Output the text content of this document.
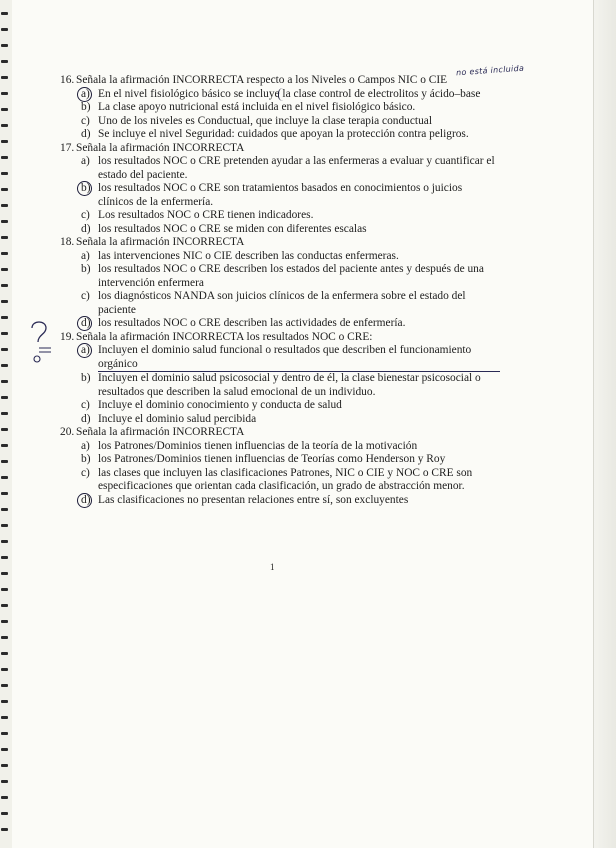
no está incluida
16. Señala la afirmación INCORRECTA respecto a los Niveles o Campos NIC o CIE
a) En el nivel fisiológico básico se incluye la clase control de electrolitos y ácido–base
b) La clase apoyo nutricional está incluida en el nivel fisiológico básico.
c) Uno de los niveles es Conductual, que incluye la clase terapia conductual
d) Se incluye el nivel Seguridad: cuidados que apoyan la protección contra peligros.
17. Señala la afirmación INCORRECTA
a) los resultados NOC o CRE pretenden ayudar a las enfermeras a evaluar y cuantificar el estado del paciente.
b) los resultados NOC o CRE son tratamientos basados en conocimientos o juicios clínicos de la enfermería.
c) Los resultados NOC o CRE tienen indicadores.
d) los resultados NOC o CRE se miden con diferentes escalas
18. Señala la afirmación INCORRECTA
a) las intervenciones NIC o CIE describen las conductas enfermeras.
b) los resultados NOC o CRE describen los estados del paciente antes y después de una intervención enfermera
c) los diagnósticos NANDA son juicios clínicos de la enfermera sobre el estado del paciente
d) los resultados NOC o CRE describen las actividades de enfermería.
19. Señala la afirmación INCORRECTA los resultados NOC o CRE:
a) Incluyen el dominio salud funcional o resultados que describen el funcionamiento orgánico
b) Incluyen el dominio salud psicosocial y dentro de él, la clase bienestar psicosocial o resultados que describen la salud emocional de un individuo.
c) Incluye el dominio conocimiento y conducta de salud
d) Incluye el dominio salud percibida
20. Señala la afirmación INCORRECTA
a) los Patrones/Dominios tienen influencias de la teoría de la motivación
b) los Patrones/Dominios tienen influencias de Teorías como Henderson y Roy
c) las clases que incluyen las clasificaciones Patrones, NIC o CIE y NOC o CRE son especificaciones que orientan cada clasificación, un grado de abstracción menor.
d) Las clasificaciones no presentan relaciones entre sí, son excluyentes
1
